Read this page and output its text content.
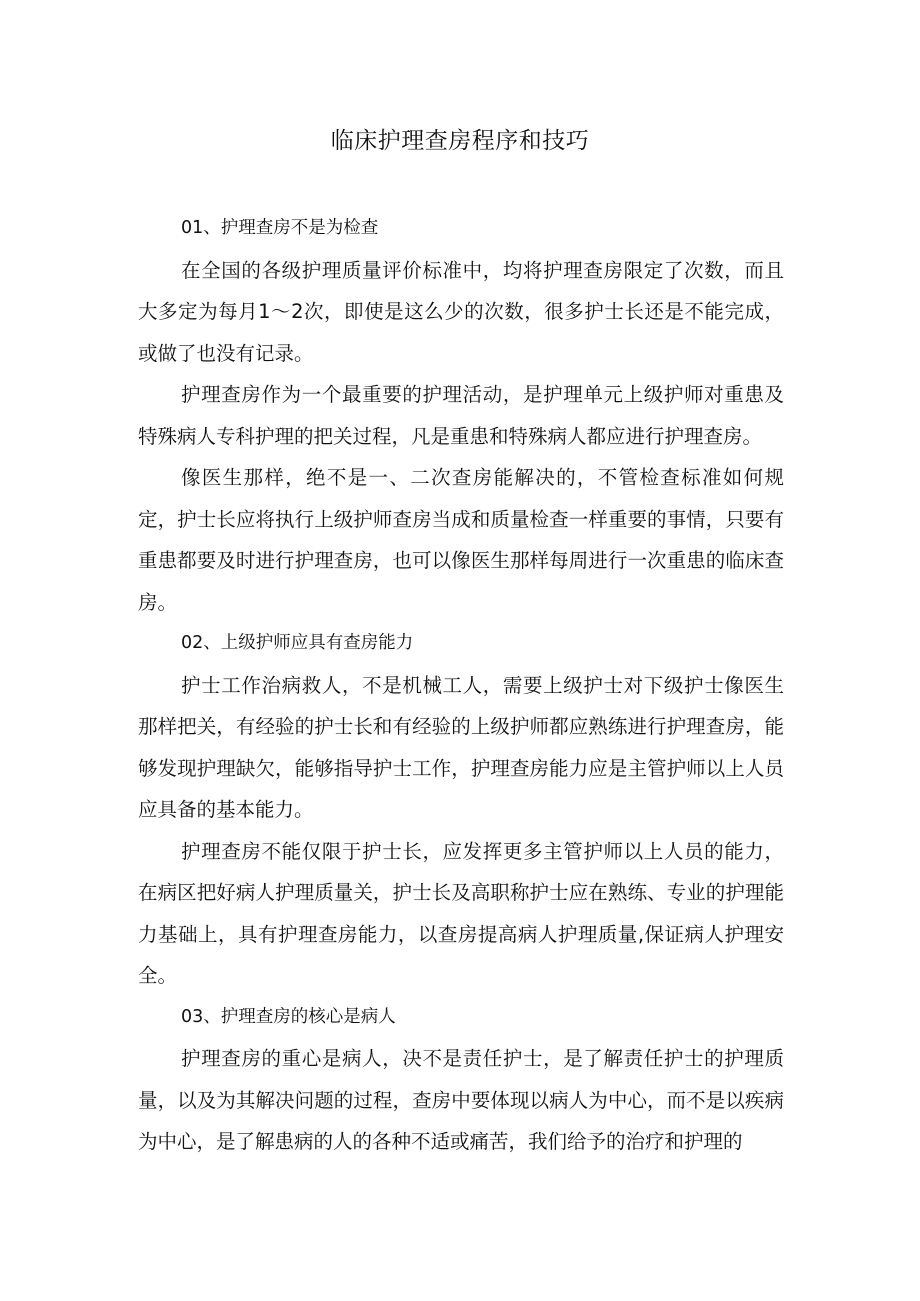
临床护理查房程序和技巧

01、护理查房不是为检查

在全国的各级护理质量评价标准中，均将护理查房限定了次数，而且大多定为每月1～2次，即使是这么少的次数，很多护士长还是不能完成，或做了也没有记录。

护理查房作为一个最重要的护理活动，是护理单元上级护师对重患及特殊病人专科护理的把关过程，凡是重患和特殊病人都应进行护理查房。

像医生那样，绝不是一、二次查房能解决的，不管检查标准如何规定，护士长应将执行上级护师查房当成和质量检查一样重要的事情，只要有重患都要及时进行护理查房，也可以像医生那样每周进行一次重患的临床查房。

02、上级护师应具有查房能力

护士工作治病救人，不是机械工人，需要上级护士对下级护士像医生那样把关，有经验的护士长和有经验的上级护师都应熟练进行护理查房，能够发现护理缺欠，能够指导护士工作，护理查房能力应是主管护师以上人员应具备的基本能力。

护理查房不能仅限于护士长，应发挥更多主管护师以上人员的能力，在病区把好病人护理质量关，护士长及高职称护士应在熟练、专业的护理能力基础上，具有护理查房能力，以查房提高病人护理质量,保证病人护理安全。

03、护理查房的核心是病人

护理查房的重心是病人，决不是责任护士，是了解责任护士的护理质量，以及为其解决问题的过程，查房中要体现以病人为中心，而不是以疾病为中心，是了解患病的人的各种不适或痛苦，我们给予的治疗和护理的
